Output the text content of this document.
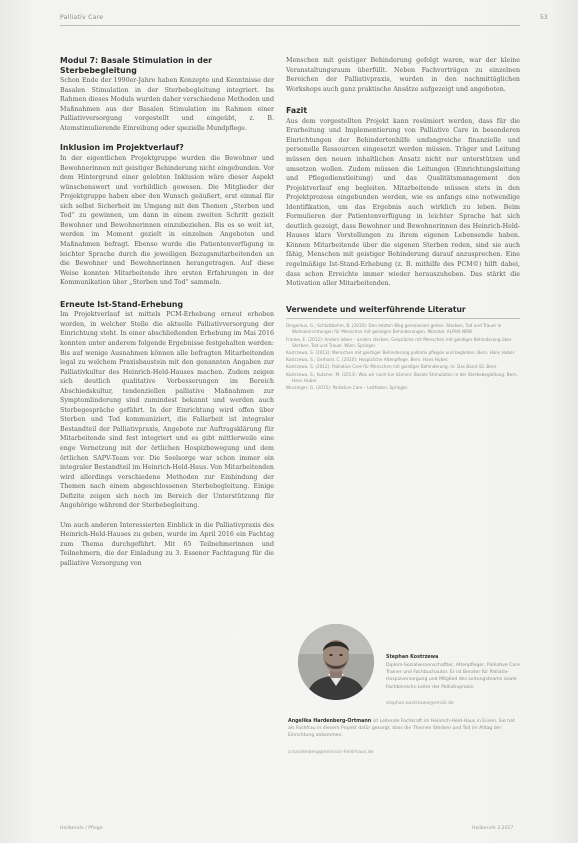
Palliativ Care	53
Modul 7: Basale Stimulation in der Sterbebegleitung

Schon Ende der 1990er-Jahre haben Konzepte und Kenntnisse der Basalen Stimulation in der Sterbebegleitung integriert. Im Rahmen dieses Moduls wurden daher verschiedene Methoden und Maßnahmen aus der Basalen Stimulation im Rahmen einer Palliativversorgung vorgestellt und eingeübt, z. B. Atemstimulierende Einreibung oder spezielle Mundpflege.

Inklusion im Projektverlauf?

In der eigentlichen Projektgruppe wurden die Bewohner und Bewohnerinnen mit geistiger Behinderung nicht eingebunden. Vor dem Hintergrund einer gelebten Inklusion wäre dieser Aspekt wünschenswert und vorbildlich gewesen. Die Mitglieder der Projektgruppe haben aber den Wunsch geäußert, erst einmal für sich selbst Sicherheit im Umgang mit den Themen „Sterben und Tod“ zu gewinnen, um dann in einem zweiten Schritt gezielt Bewohner und Bewohnerinnen einzubeziehen. Bis es so weit ist, werden im Moment gezielt in einzelnen Angeboten und Maßnahmen befragt. Ebenso wurde die Patientenverfügung in leichter Sprache durch die jeweiligen Bezugsmitarbeitenden an die Bewohner und Bewohnerinnen herangetragen. Auf diese Weise konnten Mitarbeitende ihre ersten Erfahrungen in der Kommunikation über „Sterben und Tod“ sammeln.

Erneute Ist-Stand-Erhebung

Im Projektverlauf ist mittels PCM-Erhebung erneut erhoben worden, in welcher Stelle die aktuelle Palliativversorgung der Einrichtung steht. In einer abschließenden Erhebung im Mai 2016 konnten unter anderem folgende Ergebnisse festgehalten werden: Bis auf wenige Ausnahmen können alle befragten Mitarbeitenden legal zu welchem Praxisbaustein mit den genannten Angaben zur Palliativkultur des Heinrich-Held-Hauses machen. Zudem zeigen sich deutlich qualitative Verbesserungen im Bereich Abschiedskultur, tendenziellen palliative Maßnahmen zur Symptomlinderung sind zumindest bekannt und werden auch Sterbegespräche geführt. In der Einrichtung wird offen über Sterben und Tod kommuniziert, die Fallarbeit ist integraler Bestandteil der Palliativpraxis, Angebote zur Auftragsklärung für Mitarbeitende sind fest integriert und es gibt mittlerweile eine enge Vernetzung mit der örtlichen Hospizbewegung und dem örtlichen SAPV-Team vor. Die Seelsorge war schon immer ein integraler Bestandteil im Heinrich-Held-Haus. Von Mitarbeitenden wird allerdings verschiedene Methoden zur Einbindung der Themen nach einem abgeschlossenen Sterbebegleitung. Einige Defizite zeigen sich noch im Bereich der Unterstützung für Angehörige während der Sterbebegleitung.

Um auch anderen Interessierten Einblick in die Palliativpraxis des Heinrich-Held-Hauses zu geben, wurde im April 2016 ein Fachtag zum Thema durchgeführt. Mit 65 Teilnehmerinnen und Teilnehmern, die der Einladung zu 3. Essener Fachtagung für die palliative Versorgung von

Menschen mit geistiger Behinderung gefolgt waren, war der kleine Veranstaltungsraum überfüllt. Neben Fachvorträgen zu einzelnen Bereichen der Palliativpraxis, wurden in den nachmittäglichen Workshops auch ganz praktische Ansätze aufgezeigt und angeboten.

Fazit

Aus dem vorgestellten Projekt kann resümiert werden, dass für die Erarbeitung und Implementierung von Palliative Care in besonderen Einrichtungen der Behindertenhilfe umfangreiche finanzielle und personelle Ressourcen eingesetzt werden müssen. Träger und Leitung müssen den neuen inhaltlichen Ansatz nicht nur unterstützen und umsetzen wollen. Zudem müssen die Leitungen (Einrichtungsleitung und Pflegedienstleitung) und das Qualitätsmanagement den Projektverlauf eng begleiten. Mitarbeitende müssen stets in den Projektprozess eingebunden werden, wie es anfangs eine notwendige Identifikation, um das Ergebnis auch wirklich zu leben. Beim Formulieren der Patientenverfügung in leichter Sprache hat sich deutlich gezeigt, dass Bewohner und Bewohnerinnen des Heinrich-Held-Hauses klare Vorstellungen zu ihrem eigenen Lebensende haben. Können Mitarbeitende über die eigenen Sterben reden, sind sie auch fähig, Menschen mit geistiger Behinderung darauf anzusprechen. Eine regelmäßige Ist-Stand-Erhebung (z. B. mithilfe des PCM©) hilft dabei, dass schon Erreichte immer wieder herauszuheben. Das stärkt die Motivation aller Mitarbeitenden.

Verwendete und weiterführende Literatur
Dingerkus, G.; Schlottbohm, B. (2010): Den letzten Weg gemeinsam gehen. Sterben, Tod und Trauer in Wohneinrichtungen für Menschen mit geistigen Behinderungen. Münster. ALPHA NRW.
Franke, E. (2012): Anders leben – anders sterben. Gespräche mit Menschen mit geistiger Behinderung über Sterben, Tod und Trauer. Wien. Springer.
Kostrzewa, S. (2013): Menschen mit geistiger Behinderung palliativ pflegen und begleiten. Bern. Hans Huber.
Kostrzewa, S.; Gerhard, C. (2010): Hospizliche Altenpflege. Bern. Hans Huber.
Kostrzewa, S. (2012): Palliative Care für Menschen mit geistiger Behinderung. In: Das Band 43. Bern.
Kostrzewa, S.; Kutzner, M. (2013): Was wir noch tun können: Basale Stimulation in der Sterbebegleitung. Bern. Hans Huber.
Wurzinger, G. (2015): Palliative Care – Leitfaden. Springer.
Stephan Kostrzewa
Diplom-Sozialwissenschaftler, Altenpfleger, Palliative Care Trainer und Fachbuchautor. Er ist Berater für Palliativ-Hospizversorgung und Mitglied des Leitungsteams sowie Fachbereichs-Leiter der Palliativpraxis.
stephan.kostrzewa@email.de
Angelika Hardenberg-Ortmann ist Leitende Fachkraft im Heinrich-Held-Haus in Essen. Sie hat als Fachfrau in diesem Projekt dafür gesorgt, dass die Themen Sterben und Tod im Alltag der Einrichtung ankommen.
a.hardenberg@heinrich-held-haus.de
Heilberufe / Pflege	Heilberufe 3.2017
